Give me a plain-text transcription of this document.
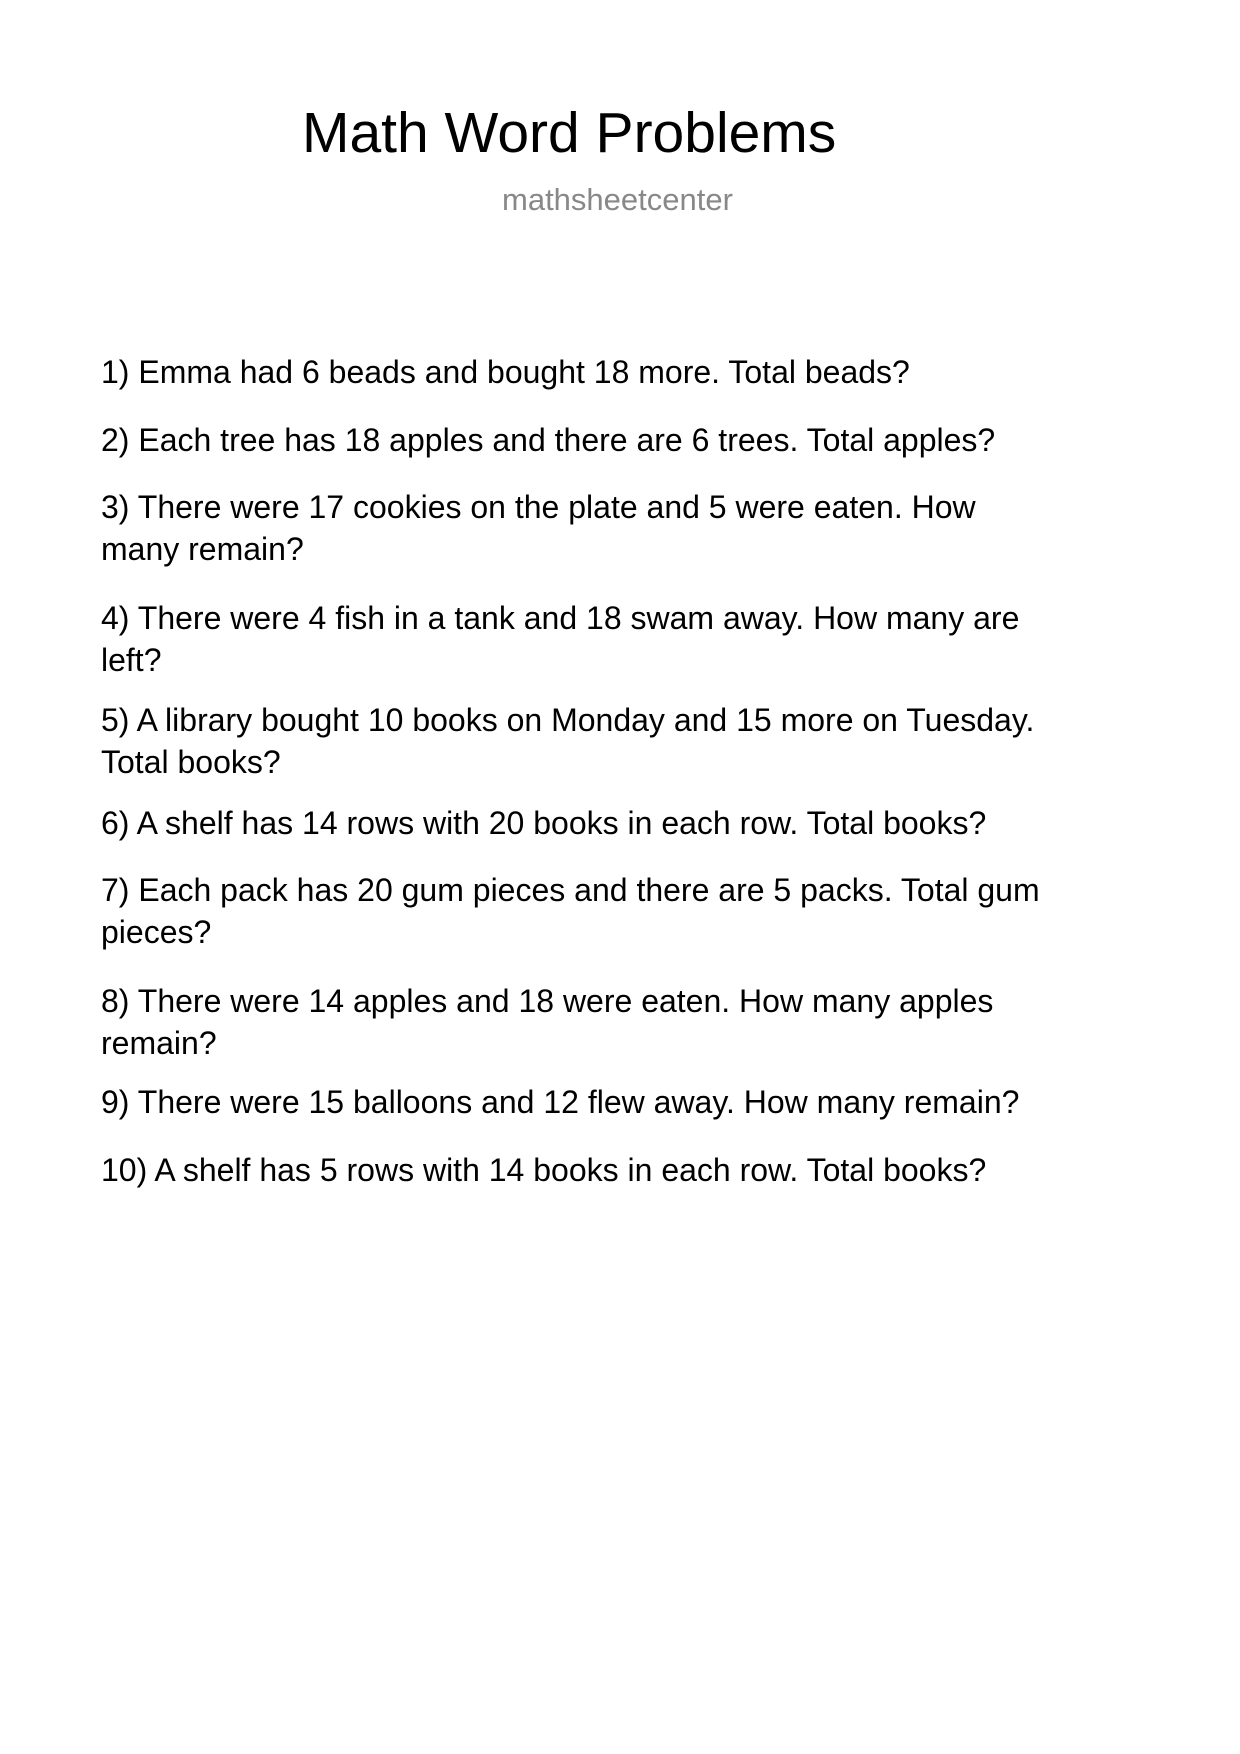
Math Word Problems
mathsheetcenter
1) Emma had 6 beads and bought 18 more. Total beads?
2) Each tree has 18 apples and there are 6 trees. Total apples?
3) There were 17 cookies on the plate and 5 were eaten. How
many remain?
4) There were 4 fish in a tank and 18 swam away. How many are
left?
5) A library bought 10 books on Monday and 15 more on Tuesday.
Total books?
6) A shelf has 14 rows with 20 books in each row. Total books?
7) Each pack has 20 gum pieces and there are 5 packs. Total gum
pieces?
8) There were 14 apples and 18 were eaten. How many apples
remain?
9) There were 15 balloons and 12 flew away. How many remain?
10) A shelf has 5 rows with 14 books in each row. Total books?
